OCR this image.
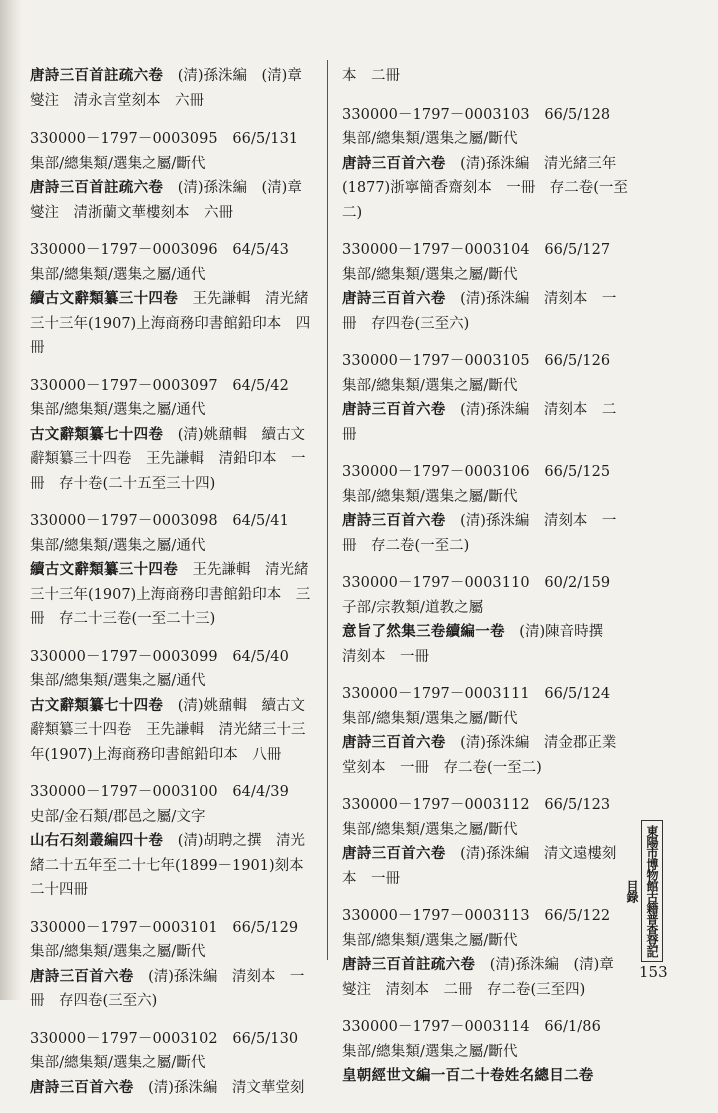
唐詩三百首註疏六卷　(清)孫洙編　(清)章燮注　清永言堂刻本　六冊
330000－1797－0003095　66/5/131　集部/總集類/選集之屬/斷代
唐詩三百首註疏六卷　(清)孫洙編　(清)章燮注　清浙蘭文華樓刻本　六冊
330000－1797－0003096　64/5/43　集部/總集類/選集之屬/通代
續古文辭類纂三十四卷　王先謙輯　清光緒三十三年(1907)上海商務印書館鉛印本　四冊
330000－1797－0003097　64/5/42　集部/總集類/選集之屬/通代
古文辭類纂七十四卷　(清)姚鼐輯　續古文辭類纂三十四卷　王先謙輯　清鉛印本　一冊　存十卷(二十五至三十四)
330000－1797－0003098　64/5/41　集部/總集類/選集之屬/通代
續古文辭類纂三十四卷　王先謙輯　清光緒三十三年(1907)上海商務印書館鉛印本　三冊　存二十三卷(一至二十三)
330000－1797－0003099　64/5/40　集部/總集類/選集之屬/通代
古文辭類纂七十四卷　(清)姚鼐輯　續古文辭類纂三十四卷　王先謙輯　清光緒三十三年(1907)上海商務印書館鉛印本　八冊
330000－1797－0003100　64/4/39　史部/金石類/郡邑之屬/文字
山右石刻叢編四十卷　(清)胡聘之撰　清光緒二十五年至二十七年(1899－1901)刻本　二十四冊
330000－1797－0003101　66/5/129　集部/總集類/選集之屬/斷代
唐詩三百首六卷　(清)孫洙編　清刻本　一冊　存四卷(三至六)
330000－1797－0003102　66/5/130　集部/總集類/選集之屬/斷代
唐詩三百首六卷　(清)孫洙編　清文華堂刻
本　二冊
330000－1797－0003103　66/5/128　集部/總集類/選集之屬/斷代
唐詩三百首六卷　(清)孫洙編　清光緒三年(1877)浙寧簡香齋刻本　一冊　存二卷(一至二)
330000－1797－0003104　66/5/127　集部/總集類/選集之屬/斷代
唐詩三百首六卷　(清)孫洙編　清刻本　一冊　存四卷(三至六)
330000－1797－0003105　66/5/126　集部/總集類/選集之屬/斷代
唐詩三百首六卷　(清)孫洙編　清刻本　二冊
330000－1797－0003106　66/5/125　集部/總集類/選集之屬/斷代
唐詩三百首六卷　(清)孫洙編　清刻本　一冊　存二卷(一至二)
330000－1797－0003110　60/2/159　子部/宗教類/道教之屬
意旨了然集三卷續編一卷　(清)陳音時撰　清刻本　一冊
330000－1797－0003111　66/5/124　集部/總集類/選集之屬/斷代
唐詩三百首六卷　(清)孫洙編　清金郡正業堂刻本　一冊　存二卷(一至二)
330000－1797－0003112　66/5/123　集部/總集類/選集之屬/斷代
唐詩三百首六卷　(清)孫洙編　清文遠樓刻本　一冊
330000－1797－0003113　66/5/122　集部/總集類/選集之屬/斷代
唐詩三百首註疏六卷　(清)孫洙編　(清)章燮注　清刻本　二冊　存二卷(三至四)
330000－1797－0003114　66/1/86　集部/總集類/選集之屬/斷代
皇朝經世文編一百二十卷姓名總目二卷
東陽市博物館古籍普查登記目錄
153
